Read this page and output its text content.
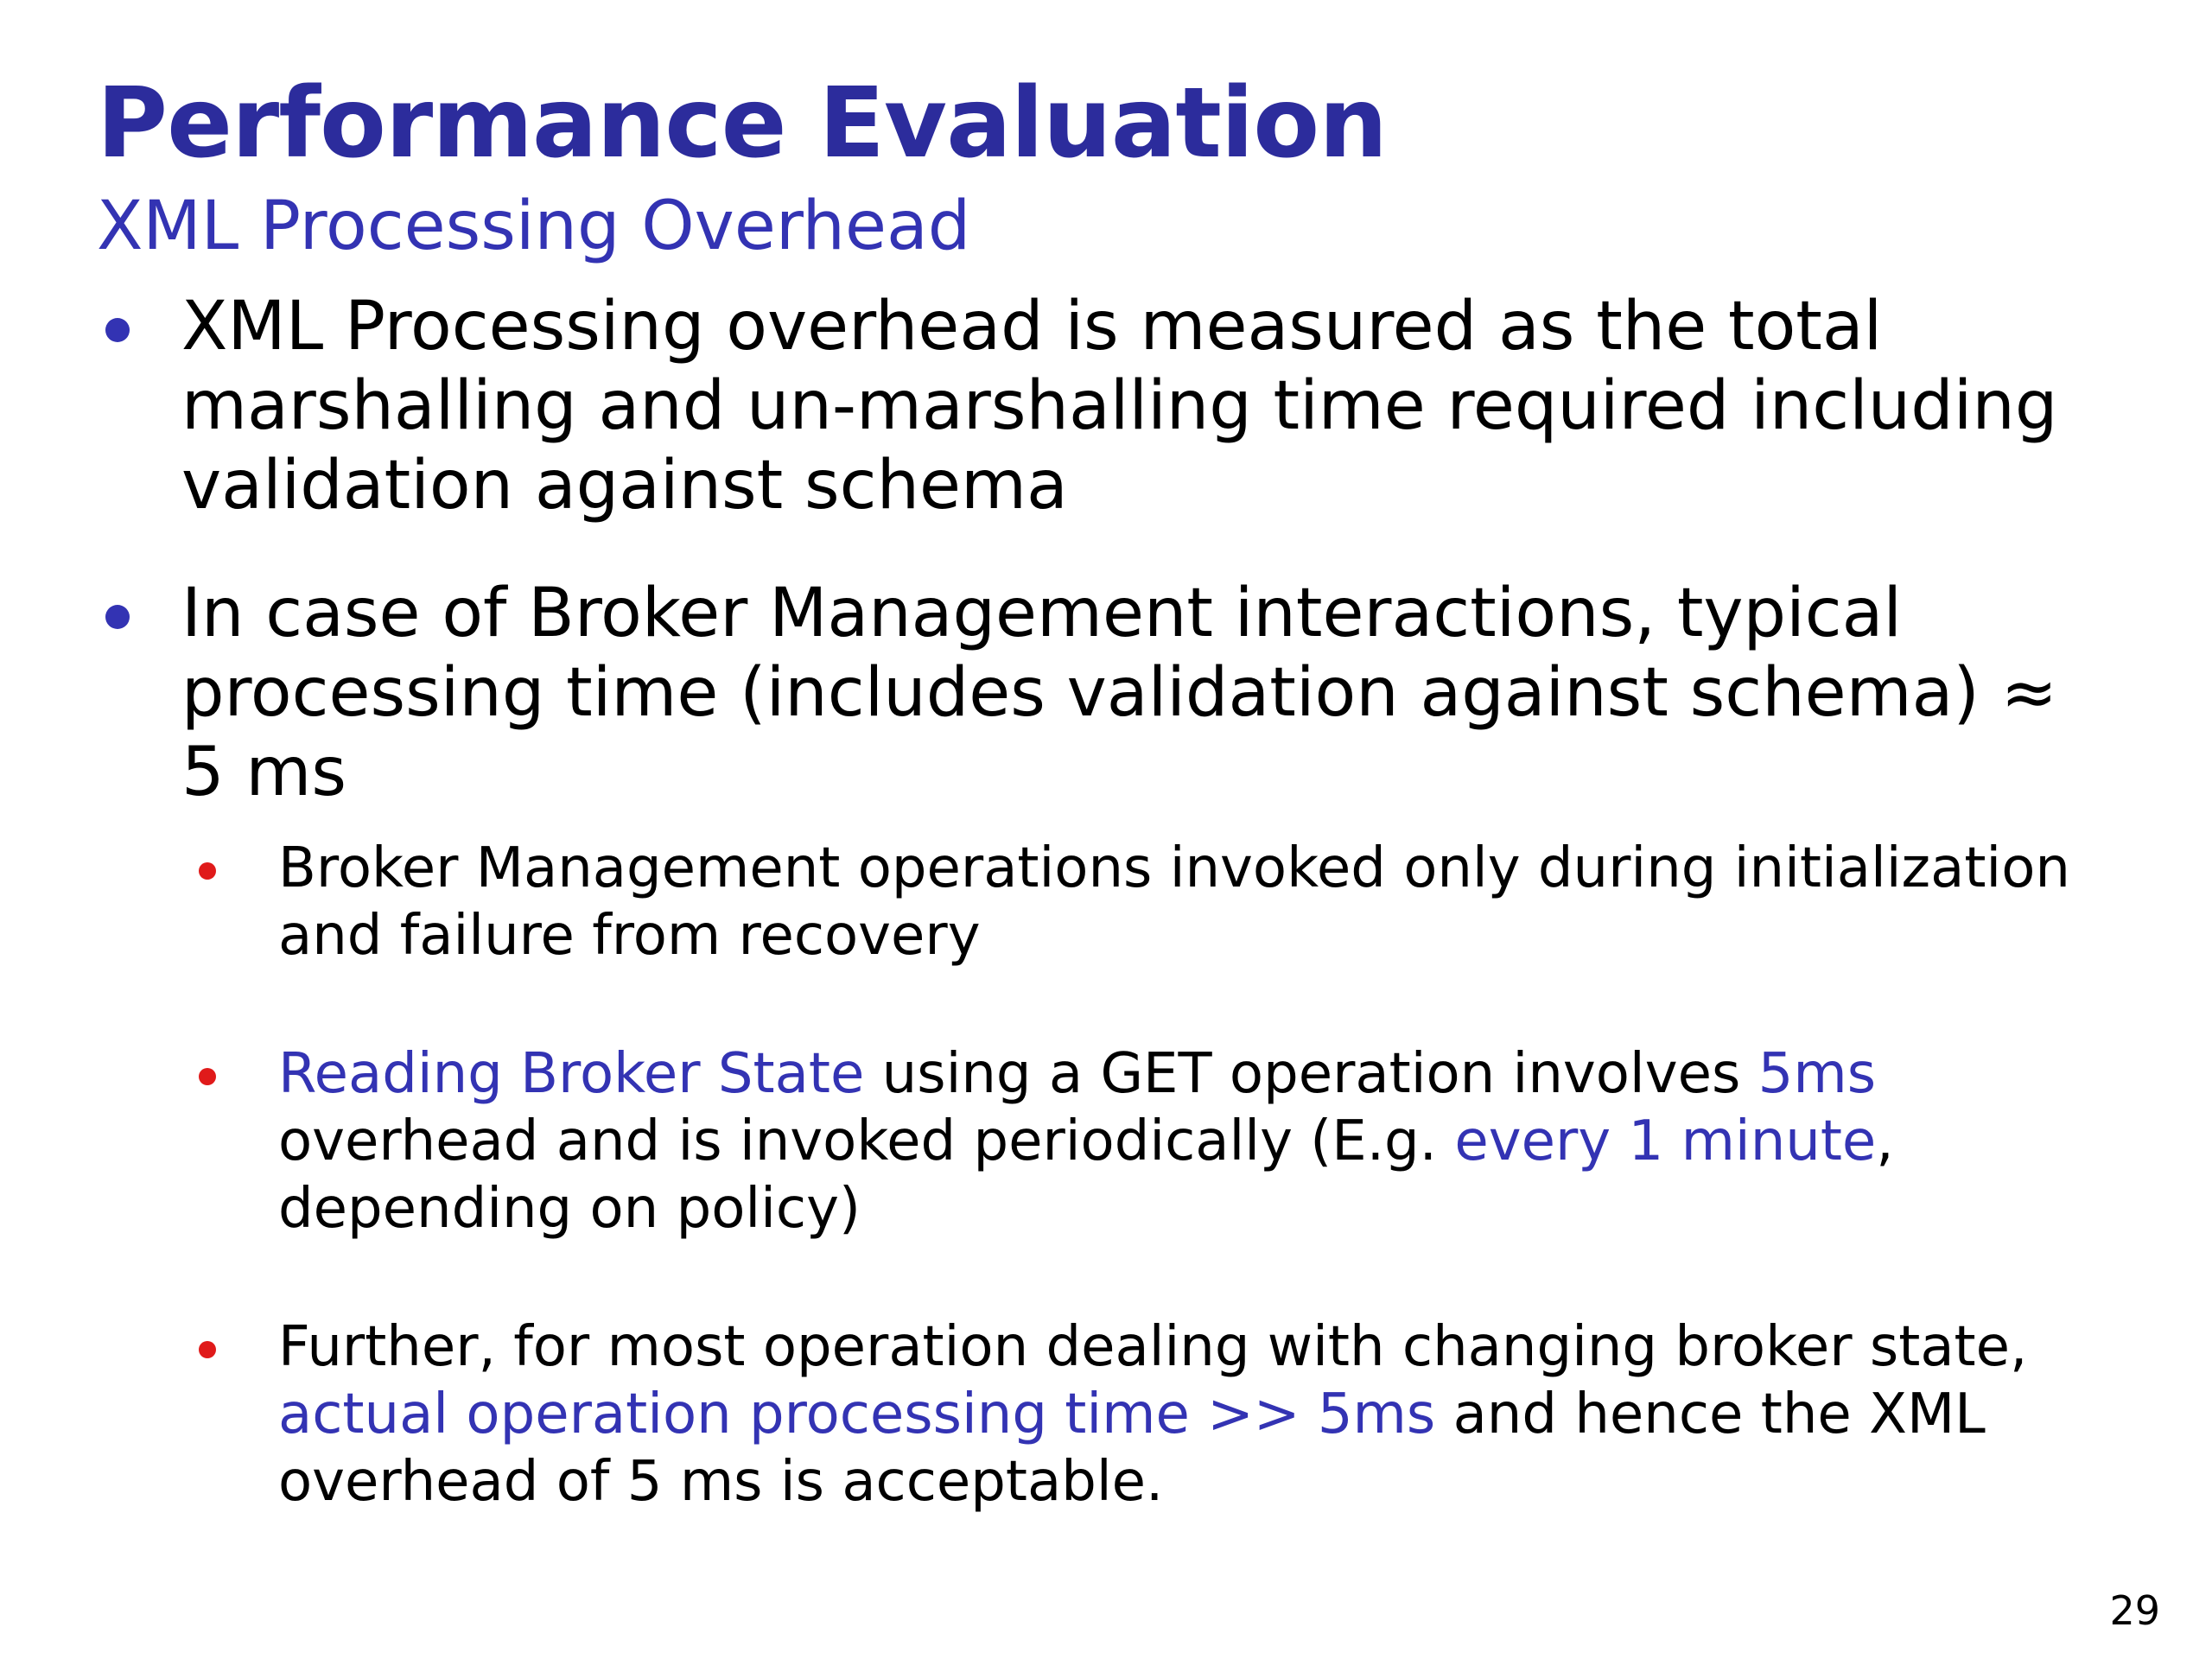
Performance Evaluation
XML Processing Overhead
XML Processing overhead is measured as the total marshalling and un-marshalling time required including validation against schema
In case of Broker Management interactions, typical processing time (includes validation against schema) ≈ 5 ms
Broker Management operations invoked only during initialization and failure from recovery
Reading Broker State using a GET operation involves 5ms overhead and is invoked periodically (E.g. every 1 minute, depending on policy)
Further, for most operation dealing with changing broker state, actual operation processing time >> 5ms and hence the XML overhead of 5 ms is acceptable.
29
